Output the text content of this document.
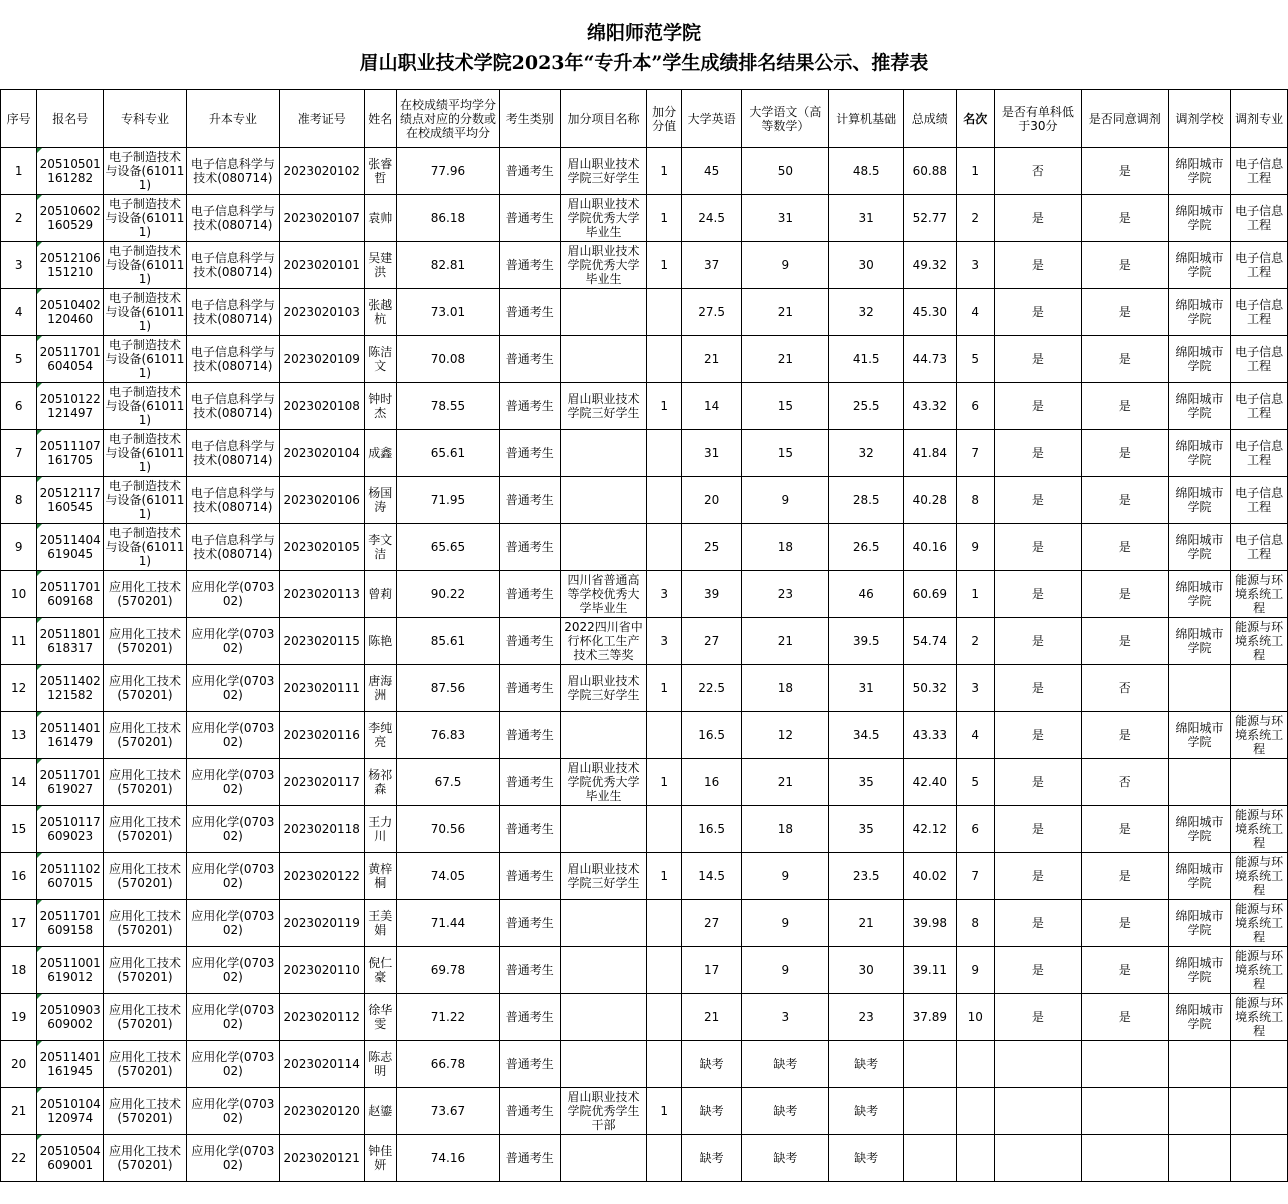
绵阳师范学院
眉山职业技术学院2023年“专升本”学生成绩排名结果公示、推荐表
序号	报名号	专科专业	升本专业	准考证号	姓名	在校成绩平均学分绩点对应的分数或在校成绩平均分	考生类别	加分项目名称	加分分值	大学英语	大学语文（高等数学）	计算机基础	总成绩	名次	是否有单科低于30分	是否同意调剂	调剂学校	调剂专业
1	20510501161282	电子制造技术与设备(610111)	电子信息科学与技术(080714)	2023020102	张睿哲	77.96	普通考生	眉山职业技术学院三好学生	1	45	50	48.5	60.88	1	否	是	绵阳城市学院	电子信息工程
2	20510602160529	电子制造技术与设备(610111)	电子信息科学与技术(080714)	2023020107	袁帅	86.18	普通考生	眉山职业技术学院优秀大学毕业生	1	24.5	31	31	52.77	2	是	是	绵阳城市学院	电子信息工程
3	20512106151210	电子制造技术与设备(610111)	电子信息科学与技术(080714)	2023020101	吴建洪	82.81	普通考生	眉山职业技术学院优秀大学毕业生	1	37	9	30	49.32	3	是	是	绵阳城市学院	电子信息工程
4	20510402120460	电子制造技术与设备(610111)	电子信息科学与技术(080714)	2023020103	张越杭	73.01	普通考生			27.5	21	32	45.30	4	是	是	绵阳城市学院	电子信息工程
5	20511701604054	电子制造技术与设备(610111)	电子信息科学与技术(080714)	2023020109	陈洁文	70.08	普通考生			21	21	41.5	44.73	5	是	是	绵阳城市学院	电子信息工程
6	20510122121497	电子制造技术与设备(610111)	电子信息科学与技术(080714)	2023020108	钟时杰	78.55	普通考生	眉山职业技术学院三好学生	1	14	15	25.5	43.32	6	是	是	绵阳城市学院	电子信息工程
7	20511107161705	电子制造技术与设备(610111)	电子信息科学与技术(080714)	2023020104	成鑫	65.61	普通考生			31	15	32	41.84	7	是	是	绵阳城市学院	电子信息工程
8	20512117160545	电子制造技术与设备(610111)	电子信息科学与技术(080714)	2023020106	杨国涛	71.95	普通考生			20	9	28.5	40.28	8	是	是	绵阳城市学院	电子信息工程
9	20511404619045	电子制造技术与设备(610111)	电子信息科学与技术(080714)	2023020105	李文洁	65.65	普通考生			25	18	26.5	40.16	9	是	是	绵阳城市学院	电子信息工程
10	20511701609168	应用化工技术(570201)	应用化学(070302)	2023020113	曾莉	90.22	普通考生	四川省普通高等学校优秀大学毕业生	3	39	23	46	60.69	1	是	是	绵阳城市学院	能源与环境系统工程
11	20511801618317	应用化工技术(570201)	应用化学(070302)	2023020115	陈艳	85.61	普通考生	2022四川省中行杯化工生产技术三等奖	3	27	21	39.5	54.74	2	是	是	绵阳城市学院	能源与环境系统工程
12	20511402121582	应用化工技术(570201)	应用化学(070302)	2023020111	唐海洲	87.56	普通考生	眉山职业技术学院三好学生	1	22.5	18	31	50.32	3	是	否		
13	20511401161479	应用化工技术(570201)	应用化学(070302)	2023020116	李纯亮	76.83	普通考生			16.5	12	34.5	43.33	4	是	是	绵阳城市学院	能源与环境系统工程
14	20511701619027	应用化工技术(570201)	应用化学(070302)	2023020117	杨祁森	67.5	普通考生	眉山职业技术学院优秀大学毕业生	1	16	21	35	42.40	5	是	否		
15	20510117609023	应用化工技术(570201)	应用化学(070302)	2023020118	王力川	70.56	普通考生			16.5	18	35	42.12	6	是	是	绵阳城市学院	能源与环境系统工程
16	20511102607015	应用化工技术(570201)	应用化学(070302)	2023020122	黄梓桐	74.05	普通考生	眉山职业技术学院三好学生	1	14.5	9	23.5	40.02	7	是	是	绵阳城市学院	能源与环境系统工程
17	20511701609158	应用化工技术(570201)	应用化学(070302)	2023020119	王美娟	71.44	普通考生			27	9	21	39.98	8	是	是	绵阳城市学院	能源与环境系统工程
18	20511001619012	应用化工技术(570201)	应用化学(070302)	2023020110	倪仁豪	69.78	普通考生			17	9	30	39.11	9	是	是	绵阳城市学院	能源与环境系统工程
19	20510903609002	应用化工技术(570201)	应用化学(070302)	2023020112	徐华雯	71.22	普通考生			21	3	23	37.89	10	是	是	绵阳城市学院	能源与环境系统工程
20	20511401161945	应用化工技术(570201)	应用化学(070302)	2023020114	陈志明	66.78	普通考生			缺考	缺考	缺考						
21	20510104120974	应用化工技术(570201)	应用化学(070302)	2023020120	赵鎏	73.67	普通考生	眉山职业技术学院优秀学生干部	1	缺考	缺考	缺考						
22	20510504609001	应用化工技术(570201)	应用化学(070302)	2023020121	钟佳妍	74.16	普通考生			缺考	缺考	缺考						
